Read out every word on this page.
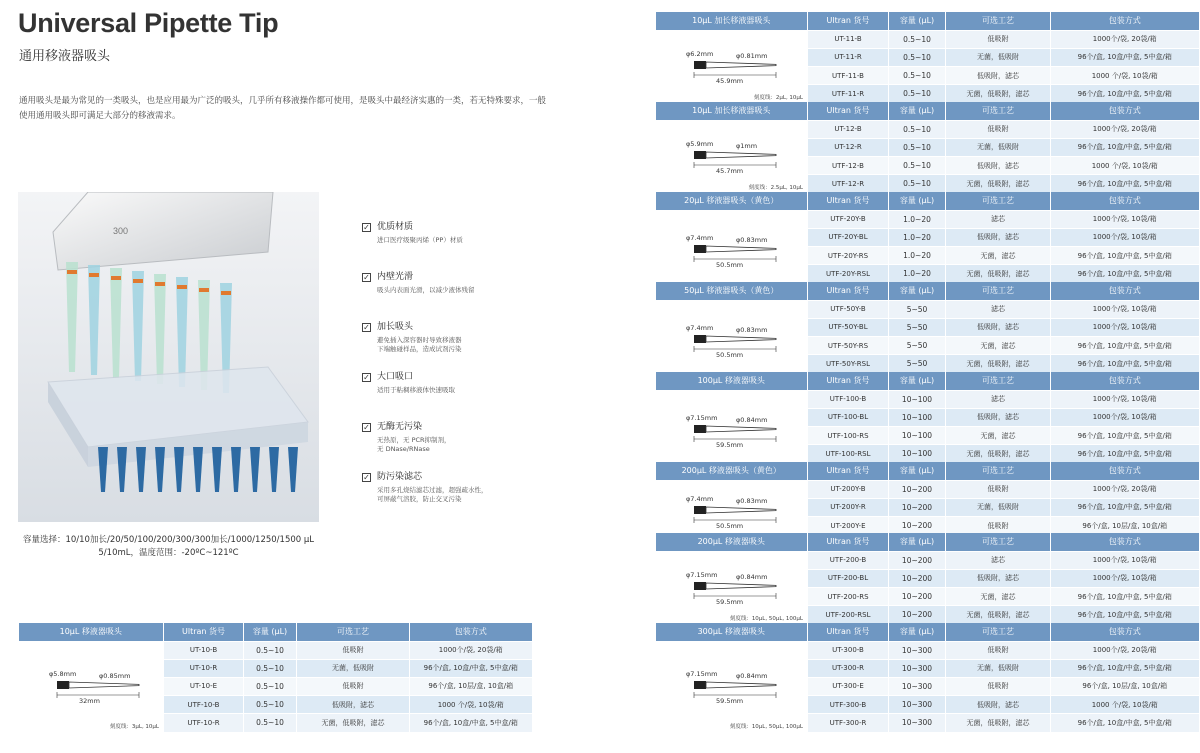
Universal Pipette Tip
通用移液器吸头
通用吸头是最为常见的一类吸头，也是应用最为广泛的吸头，几乎所有移液操作都可使用，是吸头中最经济实惠的一类，若无特殊要求，一般使用通用吸头即可满足大部分的移液需求。
300	✓ 优质材质
进口医疗级聚丙烯（PP）材质
✓ 内壁光滑
吸头内表面光滑，以减少液体残留
✓ 加长吸头
避免插入深容器时导致移液器
下端触碰样品，造成试剂污染
✓ 大口吸口
适用于粘稠移液体快速吸取
✓ 无酶无污染
无热原，无 PCR抑制剂，
无 DNase/RNase
✓ 防污染滤芯
采用多孔烧结滤芯过滤，超强疏水性，
可屏蔽气溶胶，防止交叉污染
容量选择：10/10加长/20/50/100/200/300/300加长/1000/1250/1500 μL
5/10mL，温度范围：-20ºC~121ºC
10μL 移液器吸头	Ultran 货号	容量 (μL)	可选工艺	包装方式

φ5.8mm φ0.85mm
32mm
刻度线：3μL, 10μL	UT-10-B	0.5~10	低吸附	1000个/袋, 20袋/箱
	UT-10-R	0.5~10	无菌，低吸附	96个/盒, 10盒/中盒, 5中盒/箱
	UT-10-E	0.5~10	低吸附	96个/盒, 10层/盒, 10盒/箱
	UTF-10-B	0.5~10	低吸附，滤芯	1000 个/袋, 10袋/箱
	UTF-10-R	0.5~10	无菌，低吸附，滤芯	96个/盒, 10盒/中盒, 5中盒/箱
10μL 加长移液器吸头	Ultran 货号	容量 (μL)	可选工艺	包装方式

φ6.2mm φ0.81mm
45.9mm
刻度线：2μL, 10μL	UT-11-B	0.5~10	低吸附	1000个/袋, 20袋/箱
	UT-11-R	0.5~10	无菌，低吸附	96个/盒, 10盒/中盒, 5中盒/箱
	UTF-11-B	0.5~10	低吸附，滤芯	1000 个/袋, 10袋/箱
	UTF-11-R	0.5~10	无菌，低吸附，滤芯	96个/盒, 10盒/中盒, 5中盒/箱
10μL 加长移液器吸头	Ultran 货号	容量 (μL)	可选工艺	包装方式

φ5.9mm φ1mm
45.7mm
刻度线：2.5μL, 10μL	UT-12-B	0.5~10	低吸附	1000个/袋, 20袋/箱
	UT-12-R	0.5~10	无菌，低吸附	96个/盒, 10盒/中盒, 5中盒/箱
	UTF-12-B	0.5~10	低吸附，滤芯	1000 个/袋, 10袋/箱
	UTF-12-R	0.5~10	无菌，低吸附，滤芯	96个/盒, 10盒/中盒, 5中盒/箱
20μL 移液器吸头（黄色）	Ultran 货号	容量 (μL)	可选工艺	包装方式

φ7.4mm φ0.83mm
50.5mm	UTF-20Y-B	1.0~20	滤芯	1000个/袋, 10袋/箱
	UTF-20Y-BL	1.0~20	低吸附，滤芯	1000个/袋, 10袋/箱
	UTF-20Y-RS	1.0~20	无菌，滤芯	96个/盒, 10盒/中盒, 5中盒/箱
	UTF-20Y-RSL	1.0~20	无菌，低吸附，滤芯	96个/盒, 10盒/中盒, 5中盒/箱
50μL 移液器吸头（黄色）	Ultran 货号	容量 (μL)	可选工艺	包装方式

φ7.4mm φ0.83mm
50.5mm	UTF-50Y-B	5~50	滤芯	1000个/袋, 10袋/箱
	UTF-50Y-BL	5~50	低吸附，滤芯	1000个/袋, 10袋/箱
	UTF-50Y-RS	5~50	无菌，滤芯	96个/盒, 10盒/中盒, 5中盒/箱
	UTF-50Y-RSL	5~50	无菌，低吸附，滤芯	96个/盒, 10盒/中盒, 5中盒/箱
100μL 移液器吸头	Ultran 货号	容量 (μL)	可选工艺	包装方式

φ7.15mm φ0.84mm
59.5mm	UTF-100-B	10~100	滤芯	1000个/袋, 10袋/箱
	UTF-100-BL	10~100	低吸附，滤芯	1000个/袋, 10袋/箱
	UTF-100-RS	10~100	无菌，滤芯	96个/盒, 10盒/中盒, 5中盒/箱
	UTF-100-RSL	10~100	无菌，低吸附，滤芯	96个/盒, 10盒/中盒, 5中盒/箱
200μL 移液器吸头（黄色）	Ultran 货号	容量 (μL)	可选工艺	包装方式

φ7.4mm φ0.83mm
50.5mm	UT-200Y-B	10~200	低吸附	1000个/袋, 20袋/箱
	UT-200Y-R	10~200	无菌，低吸附	96个/盒, 10盒/中盒, 5中盒/箱
	UT-200Y-E	10~200	低吸附	96个/盒, 10层/盒, 10盒/箱
200μL 移液器吸头	Ultran 货号	容量 (μL)	可选工艺	包装方式

φ7.15mm φ0.84mm
59.5mm
刻度线：10μL, 50μL, 100μL	UTF-200-B	10~200	滤芯	1000个/袋, 10袋/箱
	UTF-200-BL	10~200	低吸附，滤芯	1000个/袋, 10袋/箱
	UTF-200-RS	10~200	无菌，滤芯	96个/盒, 10盒/中盒, 5中盒/箱
	UTF-200-RSL	10~200	无菌，低吸附，滤芯	96个/盒, 10盒/中盒, 5中盒/箱
300μL 移液器吸头	Ultran 货号	容量 (μL)	可选工艺	包装方式

φ7.15mm φ0.84mm
59.5mm
刻度线：10μL, 50μL, 100μL	UT-300-B	10~300	低吸附	1000个/袋, 20袋/箱
	UT-300-R	10~300	无菌，低吸附	96个/盒, 10盒/中盒, 5中盒/箱
	UT-300-E	10~300	低吸附	96个/盒, 10层/盒, 10盒/箱
	UTF-300-B	10~300	低吸附，滤芯	1000 个/袋, 10袋/箱
	UTF-300-R	10~300	无菌，低吸附，滤芯	96个/盒, 10盒/中盒, 5中盒/箱
